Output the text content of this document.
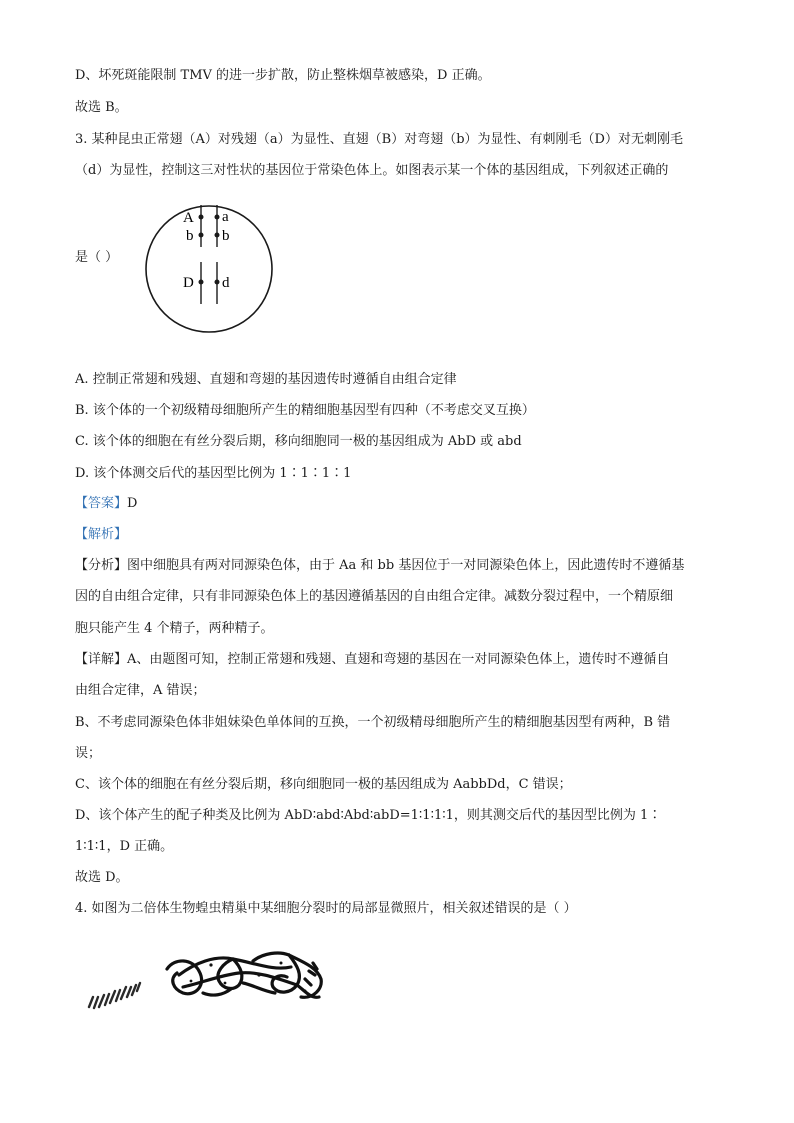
D、坏死斑能限制 TMV 的进一步扩散，防止整株烟草被感染，D 正确。
故选 B。
3. 某种昆虫正常翅（A）对残翅（a）为显性、直翅（B）对弯翅（b）为显性、有刺刚毛（D）对无刺刚毛
（d）为显性，控制这三对性状的基因位于常染色体上。如图表示某一个体的基因组成，下列叙述正确的
是（ ）
A a
b b
D d
A. 控制正常翅和残翅、直翅和弯翅的基因遗传时遵循自由组合定律
B. 该个体的一个初级精母细胞所产生的精细胞基因型有四种（不考虑交叉互换）
C. 该个体的细胞在有丝分裂后期，移向细胞同一极的基因组成为 AbD 或 abd
D. 该个体测交后代的基因型比例为 1∶1∶1∶1
【答案】D
【解析】
【分析】图中细胞具有两对同源染色体，由于 Aa 和 bb 基因位于一对同源染色体上，因此遗传时不遵循基
因的自由组合定律，只有非同源染色体上的基因遵循基因的自由组合定律。减数分裂过程中，一个精原细
胞只能产生 4 个精子，两种精子。
【详解】A、由题图可知，控制正常翅和残翅、直翅和弯翅的基因在一对同源染色体上，遗传时不遵循自
由组合定律，A 错误；
B、不考虑同源染色体非姐妹染色单体间的互换，一个初级精母细胞所产生的精细胞基因型有两种，B 错
误；
C、该个体的细胞在有丝分裂后期，移向细胞同一极的基因组成为 AabbDd，C 错误；
D、该个体产生的配子种类及比例为 AbD∶abd∶Abd∶abD=1∶1∶1∶1，则其测交后代的基因型比例为 1∶
1∶1∶1，D 正确。
故选 D。
4. 如图为二倍体生物蝗虫精巢中某细胞分裂时的局部显微照片，相关叙述错误的是（ ）
